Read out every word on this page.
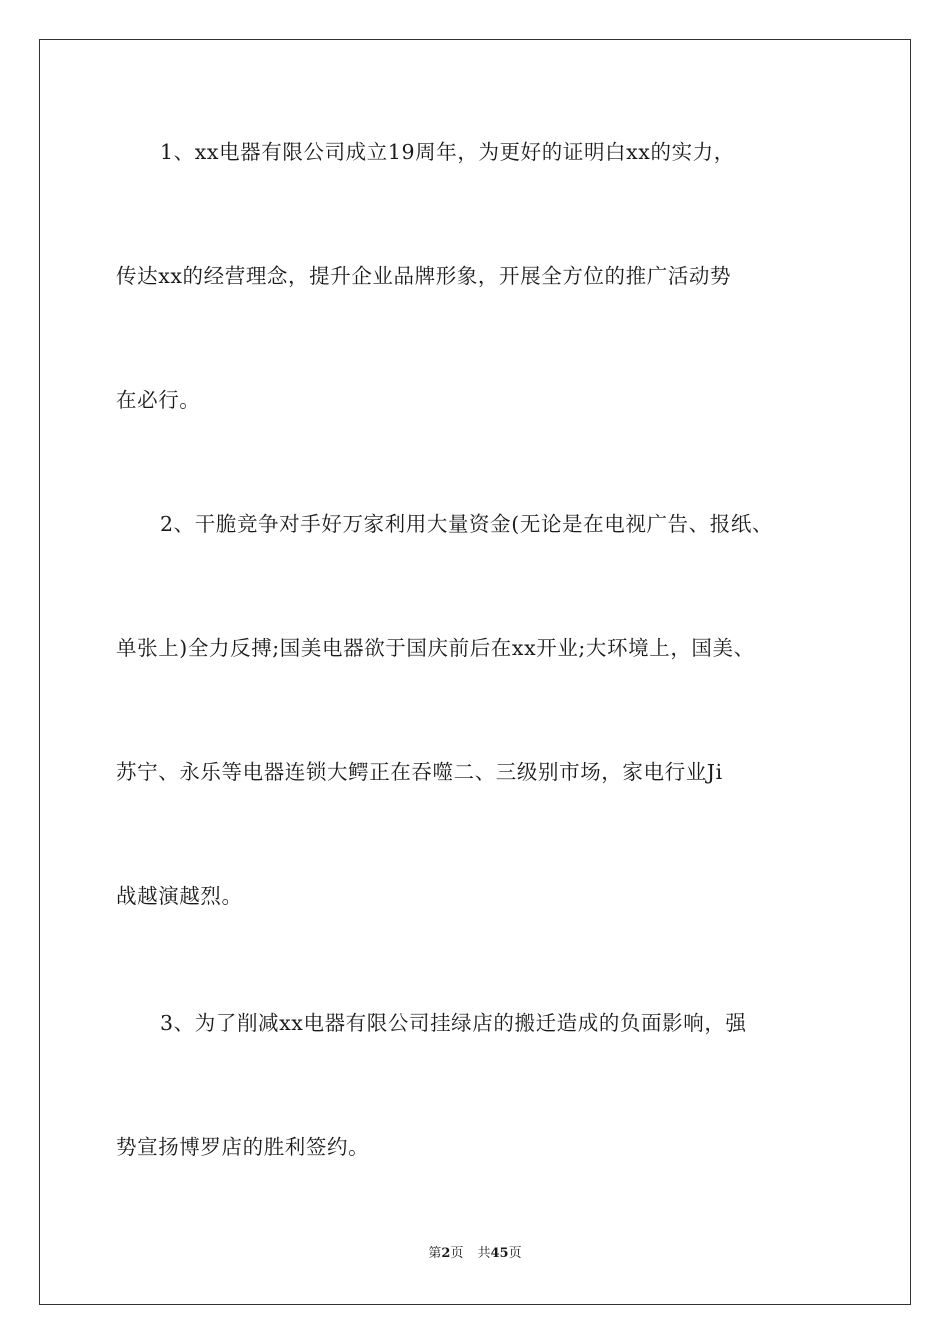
1、xx电器有限公司成立19周年，为更好的证明白xx的实力，
传达xx的经营理念，提升企业品牌形象，开展全方位的推广活动势
在必行。
2、干脆竞争对手好万家利用大量资金(无论是在电视广告、报纸、
单张上)全力反搏;国美电器欲于国庆前后在xx开业;大环境上，国美、
苏宁、永乐等电器连锁大鳄正在吞噬二、三级别市场，家电行业Ji
战越演越烈。
3、为了削减xx电器有限公司挂绿店的搬迁造成的负面影响，强
势宣扬博罗店的胜利签约。
第2页 共45页
